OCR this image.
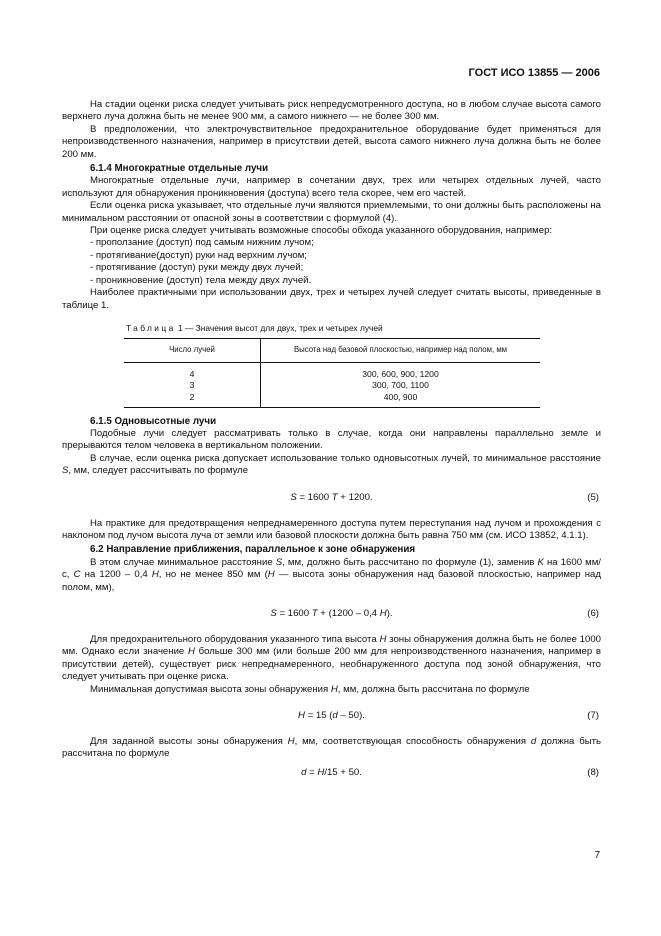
ГОСТ ИСО 13855 — 2006

На стадии оценки риска следует учитывать риск непредусмотренного доступа, но в любом случае высота самого верхнего луча должна быть не менее 900 мм, а самого нижнего — не более 300 мм.

В предположении, что электрочувствительное предохранительное оборудование будет применяться для непроизводственного назначения, например в присутствии детей, высота самого нижнего луча должна быть не более 200 мм.

6.1.4 Многократные отдельные лучи

Многократные отдельные лучи, например в сочетании двух, трех или четырех отдельных лучей, часто используют для обнаружения проникновения (доступа) всего тела скорее, чем его частей.

Если оценка риска указывает, что отдельные лучи являются приемлемыми, то они должны быть расположены на минимальном расстоянии от опасной зоны в соответствии с формулой (4).

При оценке риска следует учитывать возможные способы обхода указанного оборудования, например:

- проползание (доступ) под самым нижним лучом;

- протягивание(доступ) руки над верхним лучом;

- протягивание (доступ) руки между двух лучей;

- проникновение (доступ) тела между двух лучей.

Наиболее практичными при использовании двух, трех и четырех лучей следует считать высоты, приведенные в таблице 1.

Таблица 1 — Значения высот для двух, трех и четырех лучей
Число лучей	Высота над базовой плоскостью, например над полом, мм
4	300, 600, 900, 1200
3	300, 700, 1100
2	400, 900
6.1.5 Одновысотные лучи

Подобные лучи следует рассматривать только в случае, когда они направлены параллельно земле и прерываются телом человека в вертикальном положении.

В случае, если оценка риска допускает использование только одновысотных лучей, то минимальное расстояние S, мм, следует рассчитывать по формуле

S = 1600 T + 1200.	(5)

На практике для предотвращения непреднамеренного доступа путем переступания над лучом и прохождения с наклоном под лучом высота луча от земли или базовой плоскости должна быть равна 750 мм (см. ИСО 13852, 4.1.1).

6.2 Направление приближения, параллельное к зоне обнаружения

В этом случае минимальное расстояние S, мм, должно быть рассчитано по формуле (1), заменив K на 1600 мм/с, C на 1200 – 0,4 H, но не менее 850 мм (H — высота зоны обнаружения над базовой плоскостью, например над полом, мм),

S = 1600 T + (1200 – 0,4 H).	(6)

Для предохранительного оборудования указанного типа высота H зоны обнаружения должна быть не более 1000 мм. Однако если значение H больше 300 мм (или больше 200 мм для непроизводственного назначения, например в присутствии детей), существует риск непреднамеренного, необнаруженного доступа под зоной обнаружения, что следует учитывать при оценке риска.

Минимальная допустимая высота зоны обнаружения H, мм, должна быть рассчитана по формуле

H = 15 (d – 50).	(7)

Для заданной высоты зоны обнаружения H, мм, соответствующая способность обнаружения d должна быть рассчитана по формуле

d = H/15 + 50.	(8)
7
